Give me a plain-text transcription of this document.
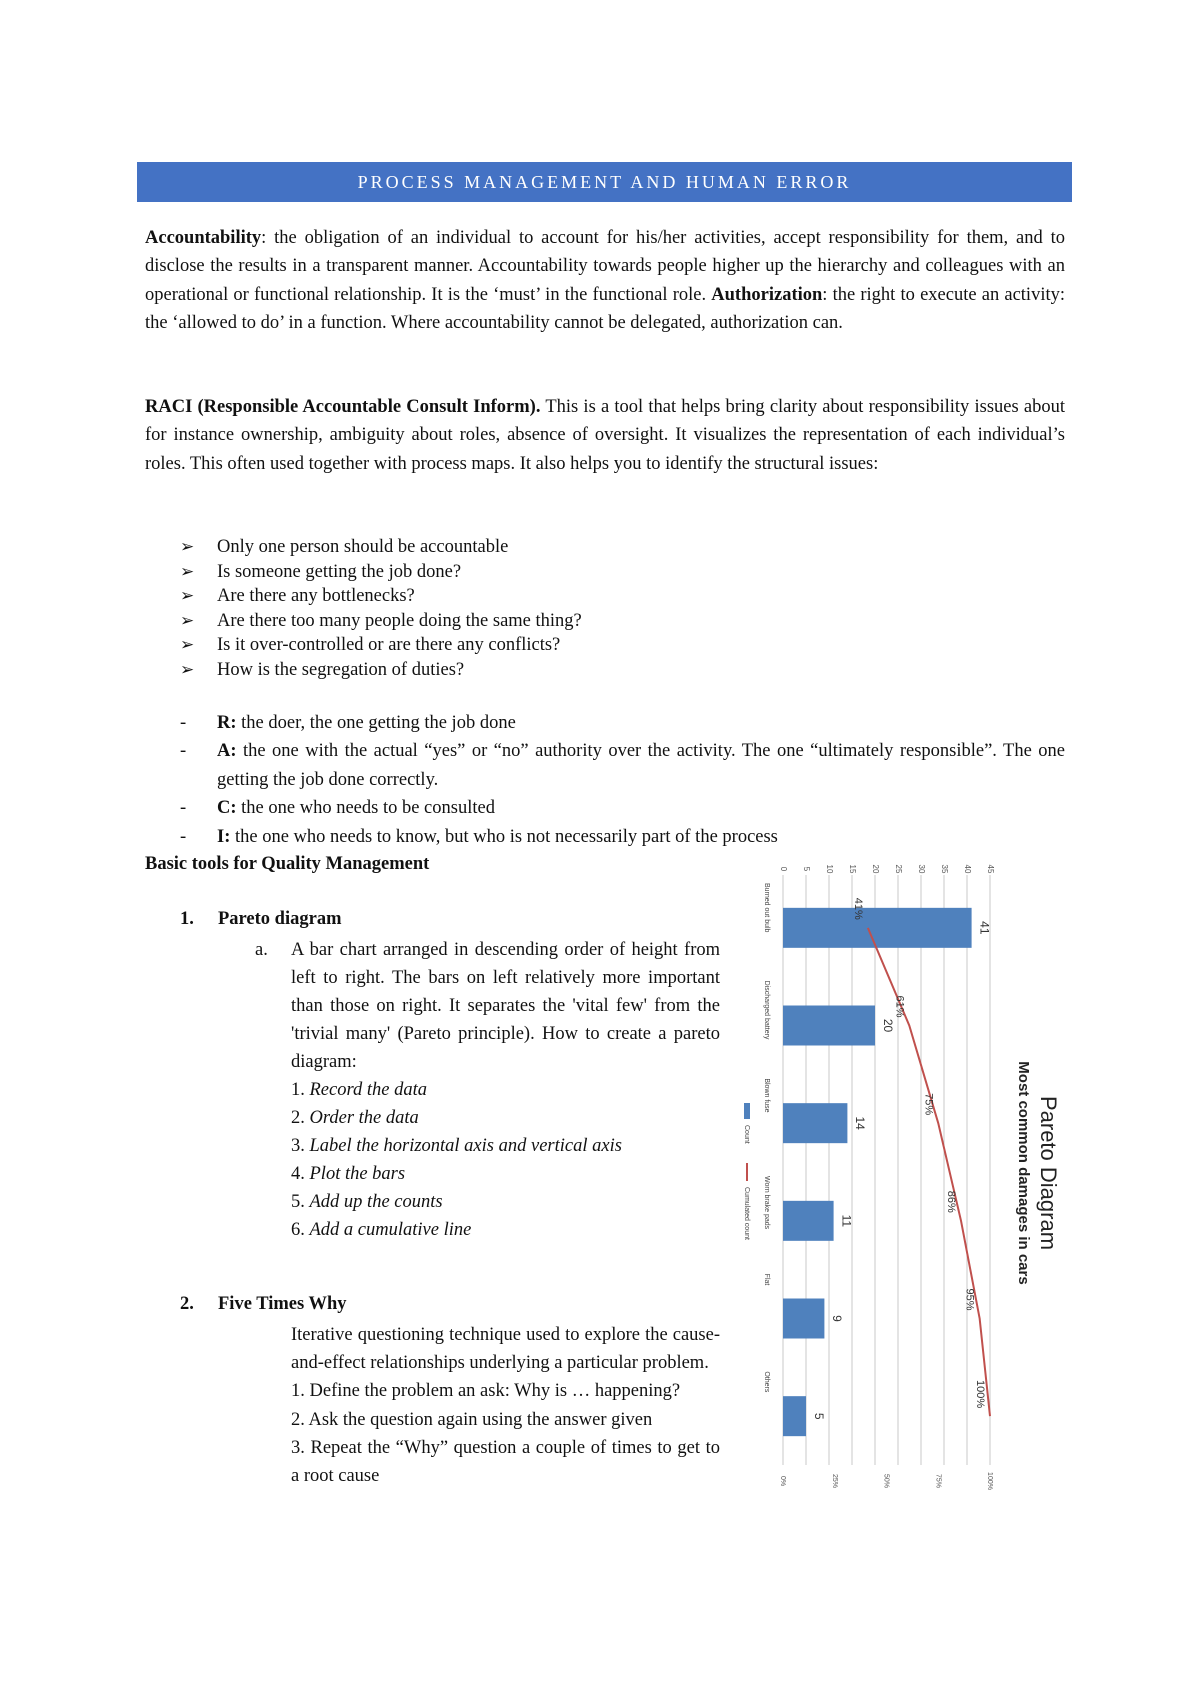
PROCESS MANAGEMENT AND HUMAN ERROR
Accountability: the obligation of an individual to account for his/her activities, accept responsibility for them, and to disclose the results in a transparent manner. Accountability towards people higher up the hierarchy and colleagues with an operational or functional relationship. It is the ‘must’ in the functional role. Authorization: the right to execute an activity: the ‘allowed to do’ in a function. Where accountability cannot be delegated, authorization can.
RACI (Responsible Accountable Consult Inform). This is a tool that helps bring clarity about responsibility issues about for instance ownership, ambiguity about roles, absence of oversight. It visualizes the representation of each individual’s roles. This often used together with process maps. It also helps you to identify the structural issues:
➢	Only one person should be accountable
➢	Is someone getting the job done?
➢	Are there any bottlenecks?
➢	Are there too many people doing the same thing?
➢	Is it over-controlled or are there any conflicts?
➢	How is the segregation of duties?
-	R: the doer, the one getting the job done
-	A: the one with the actual “yes” or “no” authority over the activity. The one “ultimately responsible”. The one getting the job done correctly.
-	C: the one who needs to be consulted
-	I: the one who needs to know, but who is not necessarily part of the process
Basic tools for Quality Management
1.	Pareto diagram
a.	A bar chart arranged in descending order of height from left to right. The bars on left relatively more important than those on right. It separates the 'vital few' from the 'trivial many' (Pareto principle). How to create a pareto diagram:
1. Record the data
2. Order the data
3. Label the horizontal axis and vertical axis
4. Plot the bars
5. Add up the counts
6. Add a cumulative line
2.	Five Times Why
Iterative questioning technique used to explore the cause-and-effect relationships underlying a particular problem.
1. Define the problem an ask: Why is … happening?
2. Ask the question again using the answer given
3. Repeat the “Why” question a couple of times to get to a root cause
0 5 10 15 20 25 30 35 40 45
0%	25%	50%	75%	100%
41
Burned out bulb
20
Discharged battery
14
Blown fuse
11
Worn brake pads
9
Flat
5
Others
41%
61%
75%
86%
95%
100%
Count
Cumulated count	Pareto Diagram
Most common damages in cars
